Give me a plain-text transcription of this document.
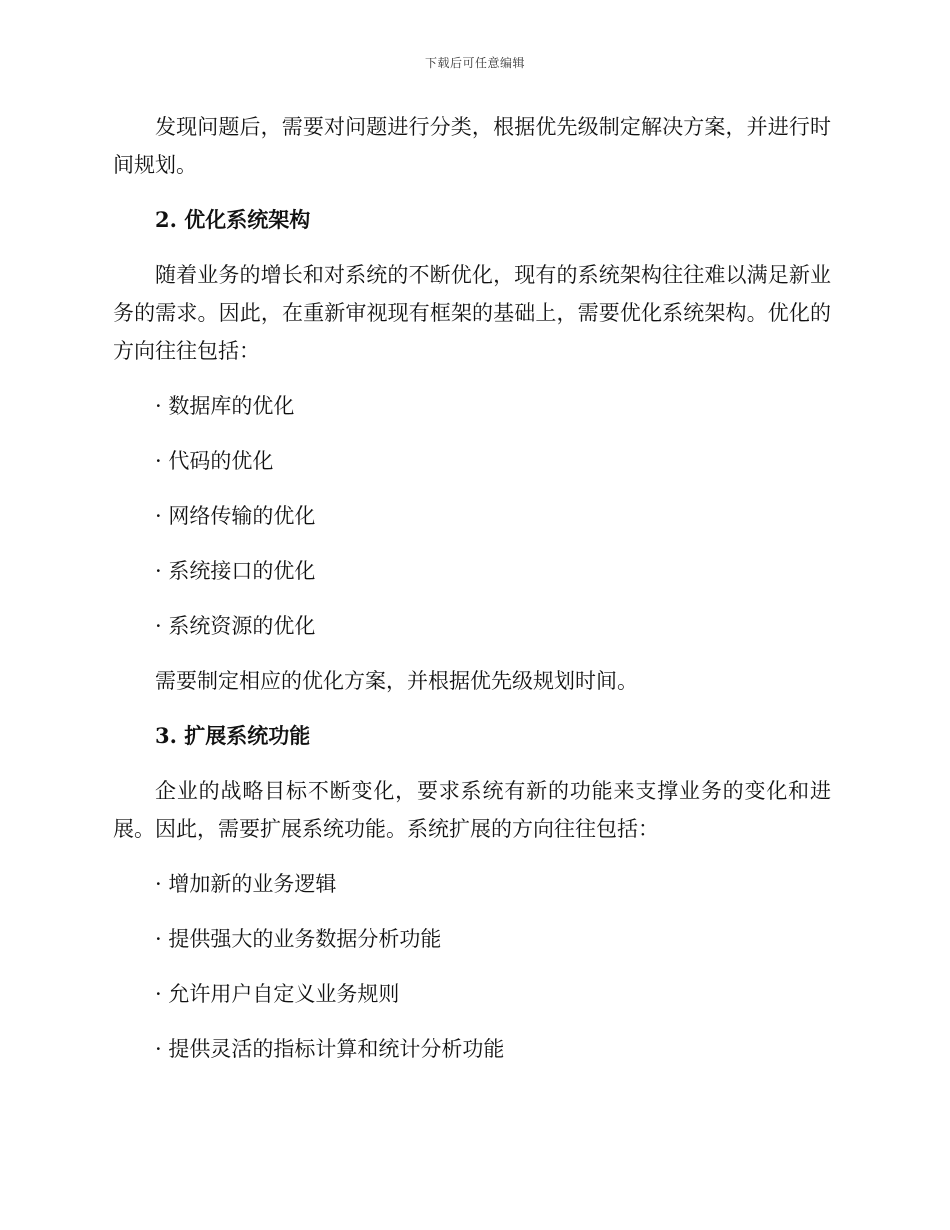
下载后可任意编辑

发现问题后，需要对问题进行分类，根据优先级制定解决方案，并进行时间规划。

2. 优化系统架构

随着业务的增长和对系统的不断优化，现有的系统架构往往难以满足新业务的需求。因此，在重新审视现有框架的基础上，需要优化系统架构。优化的方向往往包括：

· 数据库的优化

· 代码的优化

· 网络传输的优化

· 系统接口的优化

· 系统资源的优化

需要制定相应的优化方案，并根据优先级规划时间。

3. 扩展系统功能

企业的战略目标不断变化，要求系统有新的功能来支撑业务的变化和进展。因此，需要扩展系统功能。系统扩展的方向往往包括：

· 增加新的业务逻辑

· 提供强大的业务数据分析功能

· 允许用户自定义业务规则

· 提供灵活的指标计算和统计分析功能
